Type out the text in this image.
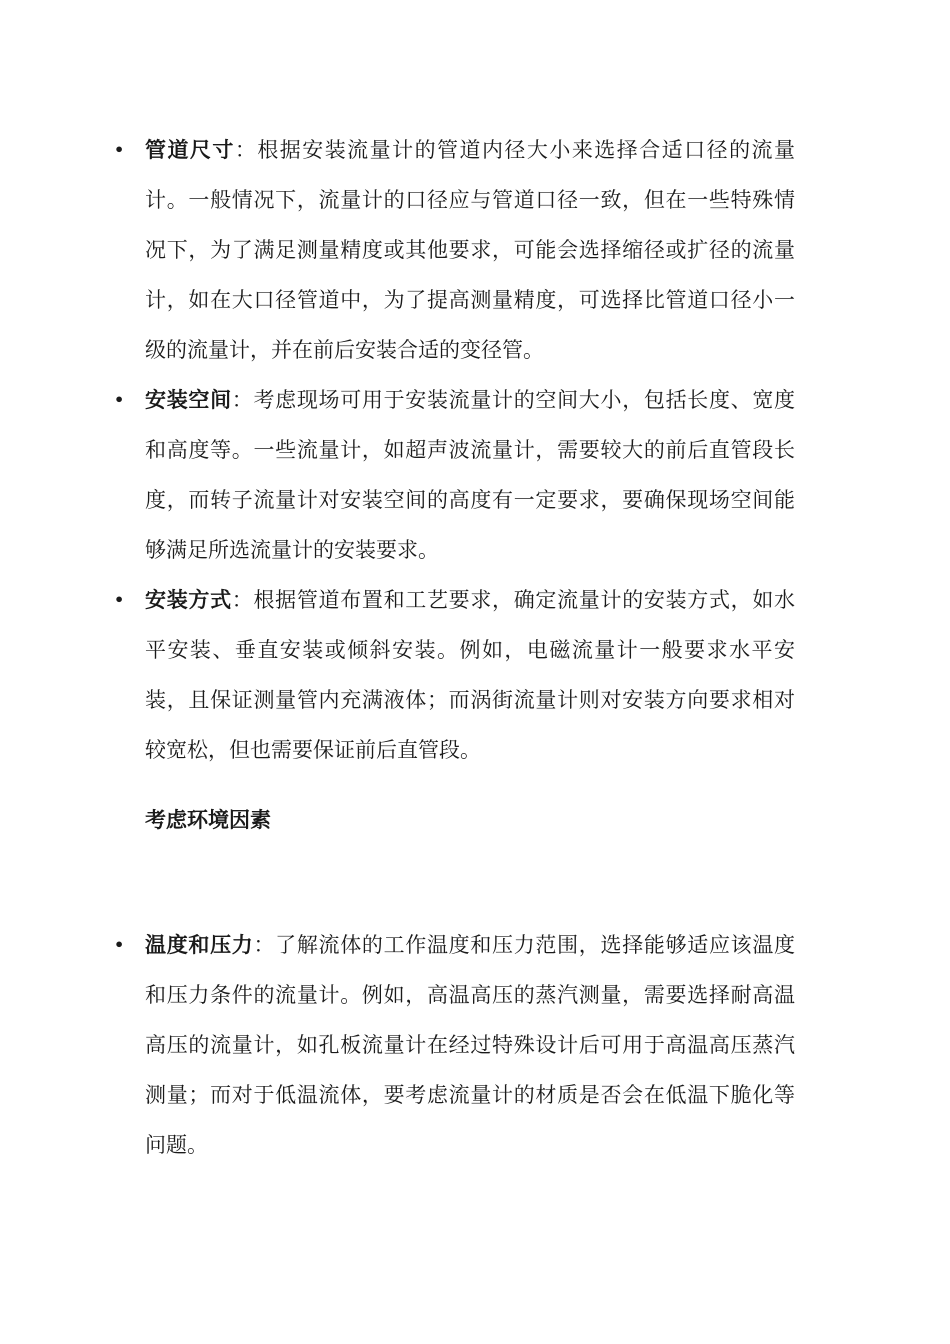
• 管道尺寸：根据安装流量计的管道内径大小来选择合适口径的流量计。一般情况下，流量计的口径应与管道口径一致，但在一些特殊情况下，为了满足测量精度或其他要求，可能会选择缩径或扩径的流量计，如在大口径管道中，为了提高测量精度，可选择比管道口径小一级的流量计，并在前后安装合适的变径管。
• 安装空间：考虑现场可用于安装流量计的空间大小，包括长度、宽度和高度等。一些流量计，如超声波流量计，需要较大的前后直管段长度，而转子流量计对安装空间的高度有一定要求，要确保现场空间能够满足所选流量计的安装要求。
• 安装方式：根据管道布置和工艺要求，确定流量计的安装方式，如水平安装、垂直安装或倾斜安装。例如，电磁流量计一般要求水平安装，且保证测量管内充满液体；而涡街流量计则对安装方向要求相对较宽松，但也需要保证前后直管段。
考虑环境因素
• 温度和压力：了解流体的工作温度和压力范围，选择能够适应该温度和压力条件的流量计。例如，高温高压的蒸汽测量，需要选择耐高温高压的流量计，如孔板流量计在经过特殊设计后可用于高温高压蒸汽测量；而对于低温流体，要考虑流量计的材质是否会在低温下脆化等问题。
